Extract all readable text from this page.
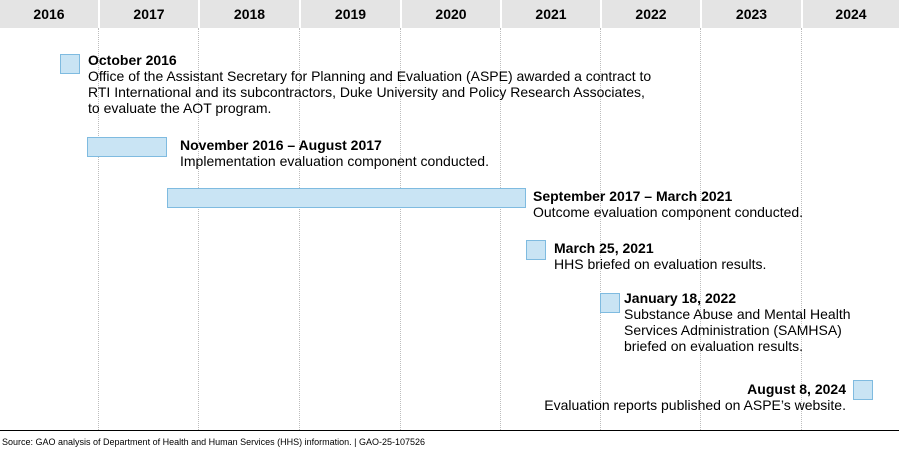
2016	2017	2018	2019	2020	2021	2022	2023	2024
October 2016
Office of the Assistant Secretary for Planning and Evaluation (ASPE) awarded a contract to
RTI International and its subcontractors, Duke University and Policy Research Associates,
to evaluate the AOT program.
November 2016 – August 2017
Implementation evaluation component conducted.
September 2017 – March 2021
Outcome evaluation component conducted.
March 25, 2021
HHS briefed on evaluation results.
January 18, 2022
Substance Abuse and Mental Health
Services Administration (SAMHSA)
briefed on evaluation results.
August 8, 2024
Evaluation reports published on ASPE’s website.
Source: GAO analysis of Department of Health and Human Services (HHS) information. | GAO-25-107526
